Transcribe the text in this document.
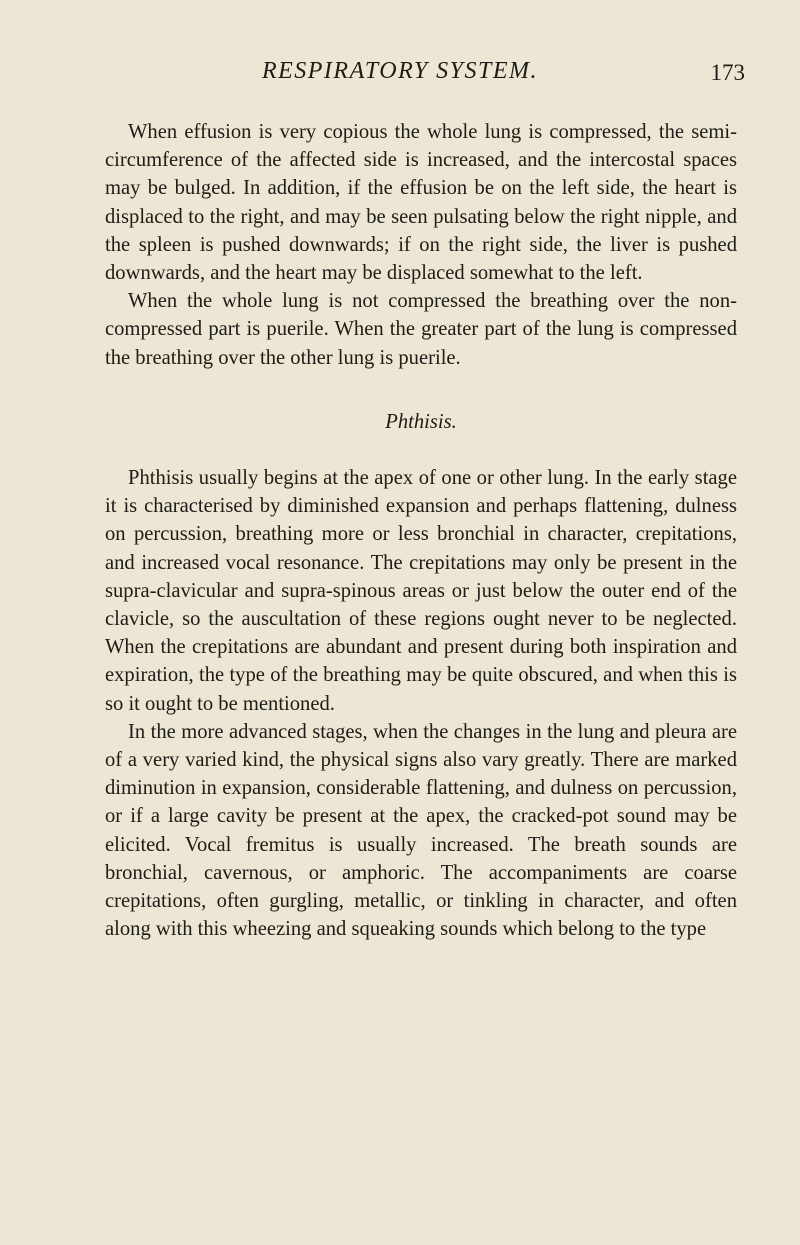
RESPIRATORY SYSTEM.	173

When effusion is very copious the whole lung is compressed, the semi-circumference of the affected side is increased, and the intercostal spaces may be bulged. In addition, if the effusion be on the left side, the heart is displaced to the right, and may be seen pulsating below the right nipple, and the spleen is pushed downwards; if on the right side, the liver is pushed downwards, and the heart may be displaced somewhat to the left.

When the whole lung is not compressed the breathing over the non-compressed part is puerile. When the greater part of the lung is compressed the breathing over the other lung is puerile.

Phthisis.

Phthisis usually begins at the apex of one or other lung. In the early stage it is characterised by diminished expansion and perhaps flattening, dulness on percussion, breathing more or less bronchial in character, crepitations, and increased vocal resonance. The crepitations may only be present in the supra-clavicular and supra-spinous areas or just below the outer end of the clavicle, so the auscultation of these regions ought never to be neglected. When the crepitations are abundant and present during both inspiration and expiration, the type of the breathing may be quite obscured, and when this is so it ought to be mentioned.

In the more advanced stages, when the changes in the lung and pleura are of a very varied kind, the physical signs also vary greatly. There are marked diminution in expansion, considerable flattening, and dulness on percussion, or if a large cavity be present at the apex, the cracked-pot sound may be elicited. Vocal fremitus is usually increased. The breath sounds are bronchial, cavernous, or amphoric. The accompaniments are coarse crepitations, often gurgling, metallic, or tinkling in character, and often along with this wheezing and squeaking sounds which belong to the type
